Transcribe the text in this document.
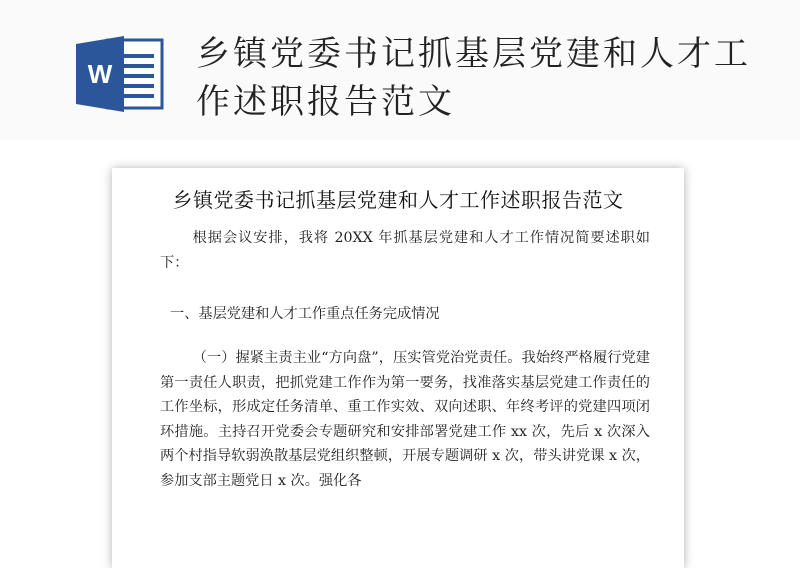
W 乡镇党委书记抓基层党建和人才工作述职报告范文
乡镇党委书记抓基层党建和人才工作述职报告范文
根据会议安排，我将 20XX 年抓基层党建和人才工作情况简要述职如下：
一、基层党建和人才工作重点任务完成情况
（一）握紧主责主业“方向盘”，压实管党治党责任。我始终严格履行党建第一责任人职责，把抓党建工作作为第一要务，找准落实基层党建工作责任的工作坐标，形成定任务清单、重工作实效、双向述职、年终考评的党建四项闭环措施。主持召开党委会专题研究和安排部署党建工作 xx 次，先后 x 次深入两个村指导软弱涣散基层党组织整顿，开展专题调研 x 次，带头讲党课 x 次，参加支部主题党日 x 次。强化各
